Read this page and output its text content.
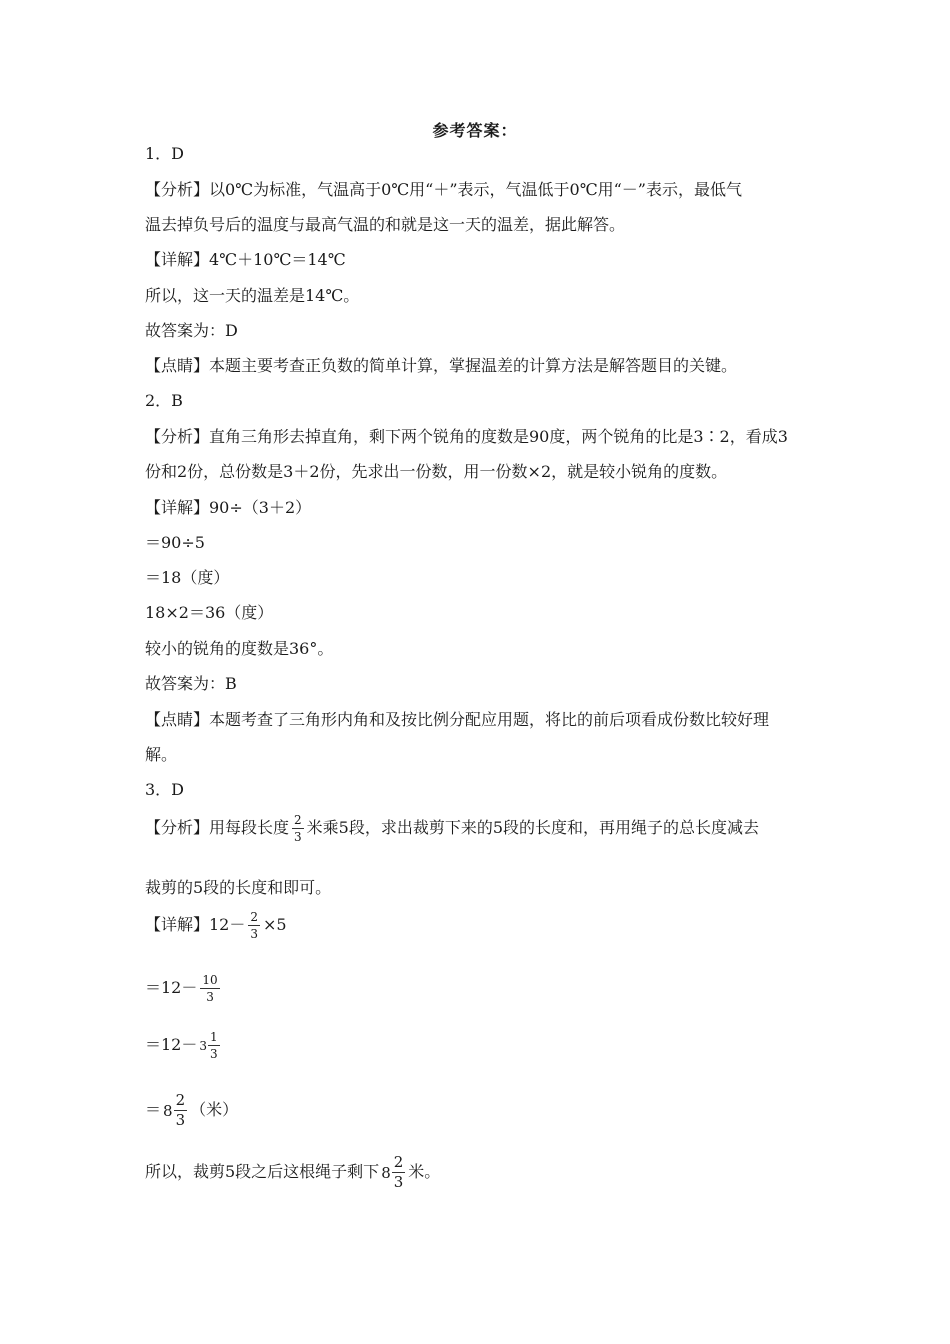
参考答案：
1．D
【分析】以0℃为标准，气温高于0℃用“＋”表示，气温低于0℃用“－”表示，最低气
温去掉负号后的温度与最高气温的和就是这一天的温差，据此解答。
【详解】4℃＋10℃＝14℃
所以，这一天的温差是14℃。
故答案为：D
【点睛】本题主要考查正负数的简单计算，掌握温差的计算方法是解答题目的关键。
2．B
【分析】直角三角形去掉直角，剩下两个锐角的度数是90度，两个锐角的比是3∶2，看成3
份和2份，总份数是3＋2份，先求出一份数，用一份数×2，就是较小锐角的度数。
【详解】90÷（3＋2）
＝90÷5
＝18（度）
18×2＝36（度）
较小的锐角的度数是36°。
故答案为：B
【点睛】本题考查了三角形内角和及按比例分配应用题，将比的前后项看成份数比较好理
解。
3．D
【分析】用每段长度 $\frac{2}{3}$ 米乘5段，求出裁剪下来的5段的长度和，再用绳子的总长度减去
裁剪的5段的长度和即可。
【详解】$12- \frac{2}{3} \times 5$
$=12- \frac{10}{3}$
$=12- 3 \frac{1}{3}$
＝ $8 \frac{2}{3}$ （米）
所以，裁剪5段之后这根绳子剩下 $8 \frac{2}{3}$ 米。
